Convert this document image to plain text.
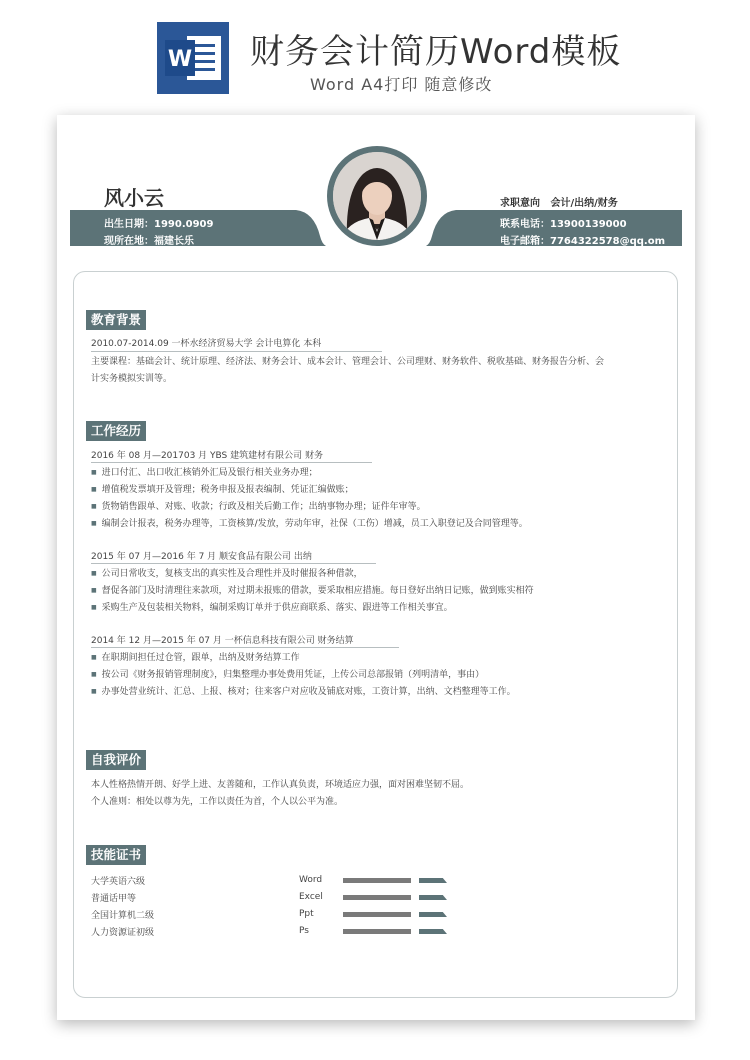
W 财务会计简历Word模板
Word A4打印 随意修改
风小云
出生日期：1990.0909
现所在地：福建长乐
求职意向 会计/出纳/财务
联系电话：13900139000
电子邮箱：7764322578@qq.om
教育背景
2010.07-2014.09 一杯水经济贸易大学 会计电算化 本科
主要课程：基础会计、统计原理、经济法、财务会计、成本会计、管理会计、公司理财、财务软件、税收基础、财务报告分析、会
计实务模拟实训等。
工作经历
2016 年 08 月—201703 月 YBS 建筑建材有限公司 财务
■ 进口付汇、出口收汇核销外汇局及银行相关业务办理；
■ 增值税发票填开及管理；税务申报及报表编制、凭证汇编做账；
■ 货物销售跟单、对账、收款；行政及相关后勤工作；出纳事物办理；证件年审等。
■ 编制会计报表，税务办理等，工资核算/发放，劳动年审，社保（工伤）增减，员工入职登记及合同管理等。
2015 年 07 月—2016 年 7 月 顺安食品有限公司 出纳
■ 公司日常收支，复核支出的真实性及合理性并及时催报各种借款，
■ 督促各部门及时清理往来款项，对过期未报账的借款，要采取相应措施。每日登好出纳日记账，做到账实相符
■ 采购生产及包装相关物料，编制采购订单并于供应商联系、落实、跟进等工作相关事宜。
2014 年 12 月—2015 年 07 月 一杯信息科技有限公司 财务结算
■ 在职期间担任过仓管，跟单，出纳及财务结算工作
■ 按公司《财务报销管理制度》，归集整理办事处费用凭证，上传公司总部报销（列明清单，事由）
■ 办事处营业统计、汇总、上报、核对；往来客户对应收及铺底对账，工资计算，出纳、文档整理等工作。
自我评价
本人性格热情开朗、好学上进、友善随和，工作认真负责，环境适应力强，面对困难坚韧不屈。
个人准则：相处以尊为先，工作以责任为首，个人以公平为准。
技能证书
大学英语六级
普通话甲等
全国计算机二级
人力资源证初级
Word
Excel
Ppt
Ps
